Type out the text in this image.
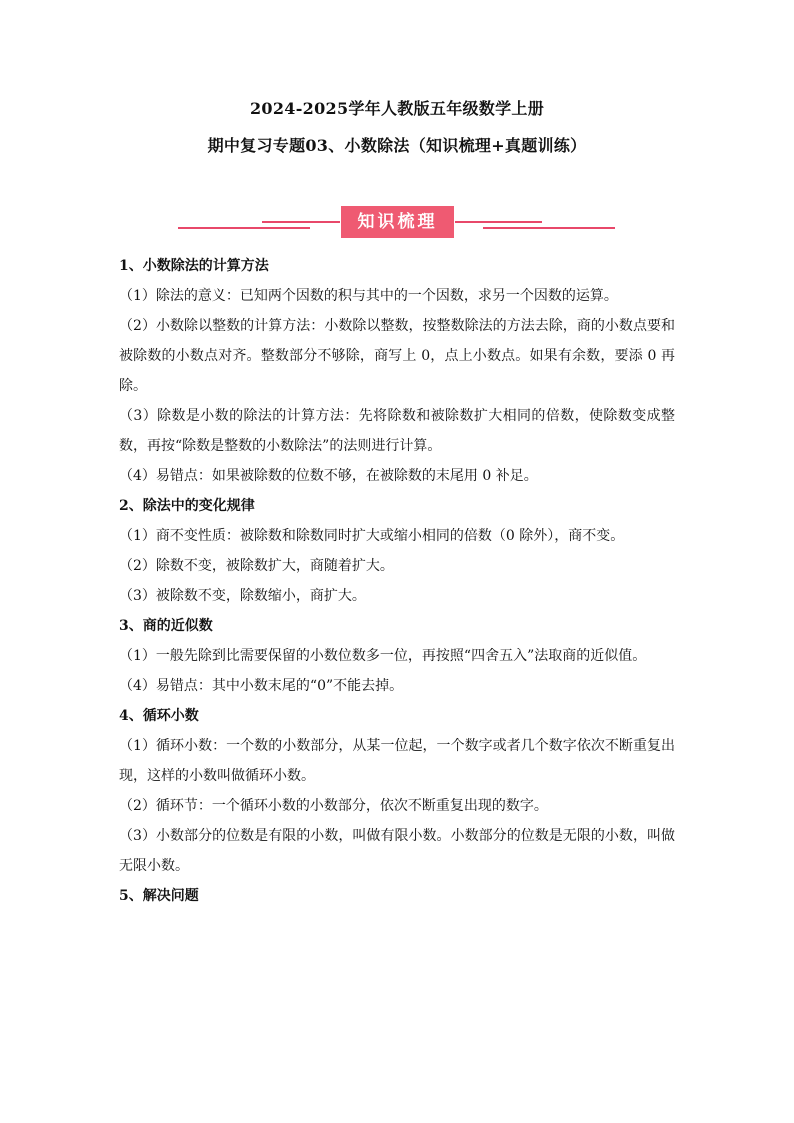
2024-2025学年人教版五年级数学上册
期中复习专题03、小数除法（知识梳理+真题训练）
知识梳理
1、小数除法的计算方法
（1）除法的意义：已知两个因数的积与其中的一个因数，求另一个因数的运算。
（2）小数除以整数的计算方法：小数除以整数，按整数除法的方法去除，商的小数点要和被除数的小数点对齐。整数部分不够除，商写上 0，点上小数点。如果有余数，要添 0 再除。
（3）除数是小数的除法的计算方法：先将除数和被除数扩大相同的倍数，使除数变成整数，再按“除数是整数的小数除法”的法则进行计算。
（4）易错点：如果被除数的位数不够，在被除数的末尾用 0 补足。
2、除法中的变化规律
（1）商不变性质：被除数和除数同时扩大或缩小相同的倍数（0 除外），商不变。
（2）除数不变，被除数扩大，商随着扩大。
（3）被除数不变，除数缩小，商扩大。
3、商的近似数
（1）一般先除到比需要保留的小数位数多一位，再按照“四舍五入”法取商的近似值。
（4）易错点：其中小数末尾的“0”不能去掉。
4、循环小数
（1）循环小数：一个数的小数部分，从某一位起，一个数字或者几个数字依次不断重复出现，这样的小数叫做循环小数。
（2）循环节：一个循环小数的小数部分，依次不断重复出现的数字。
（3）小数部分的位数是有限的小数，叫做有限小数。小数部分的位数是无限的小数，叫做无限小数。
5、解决问题
